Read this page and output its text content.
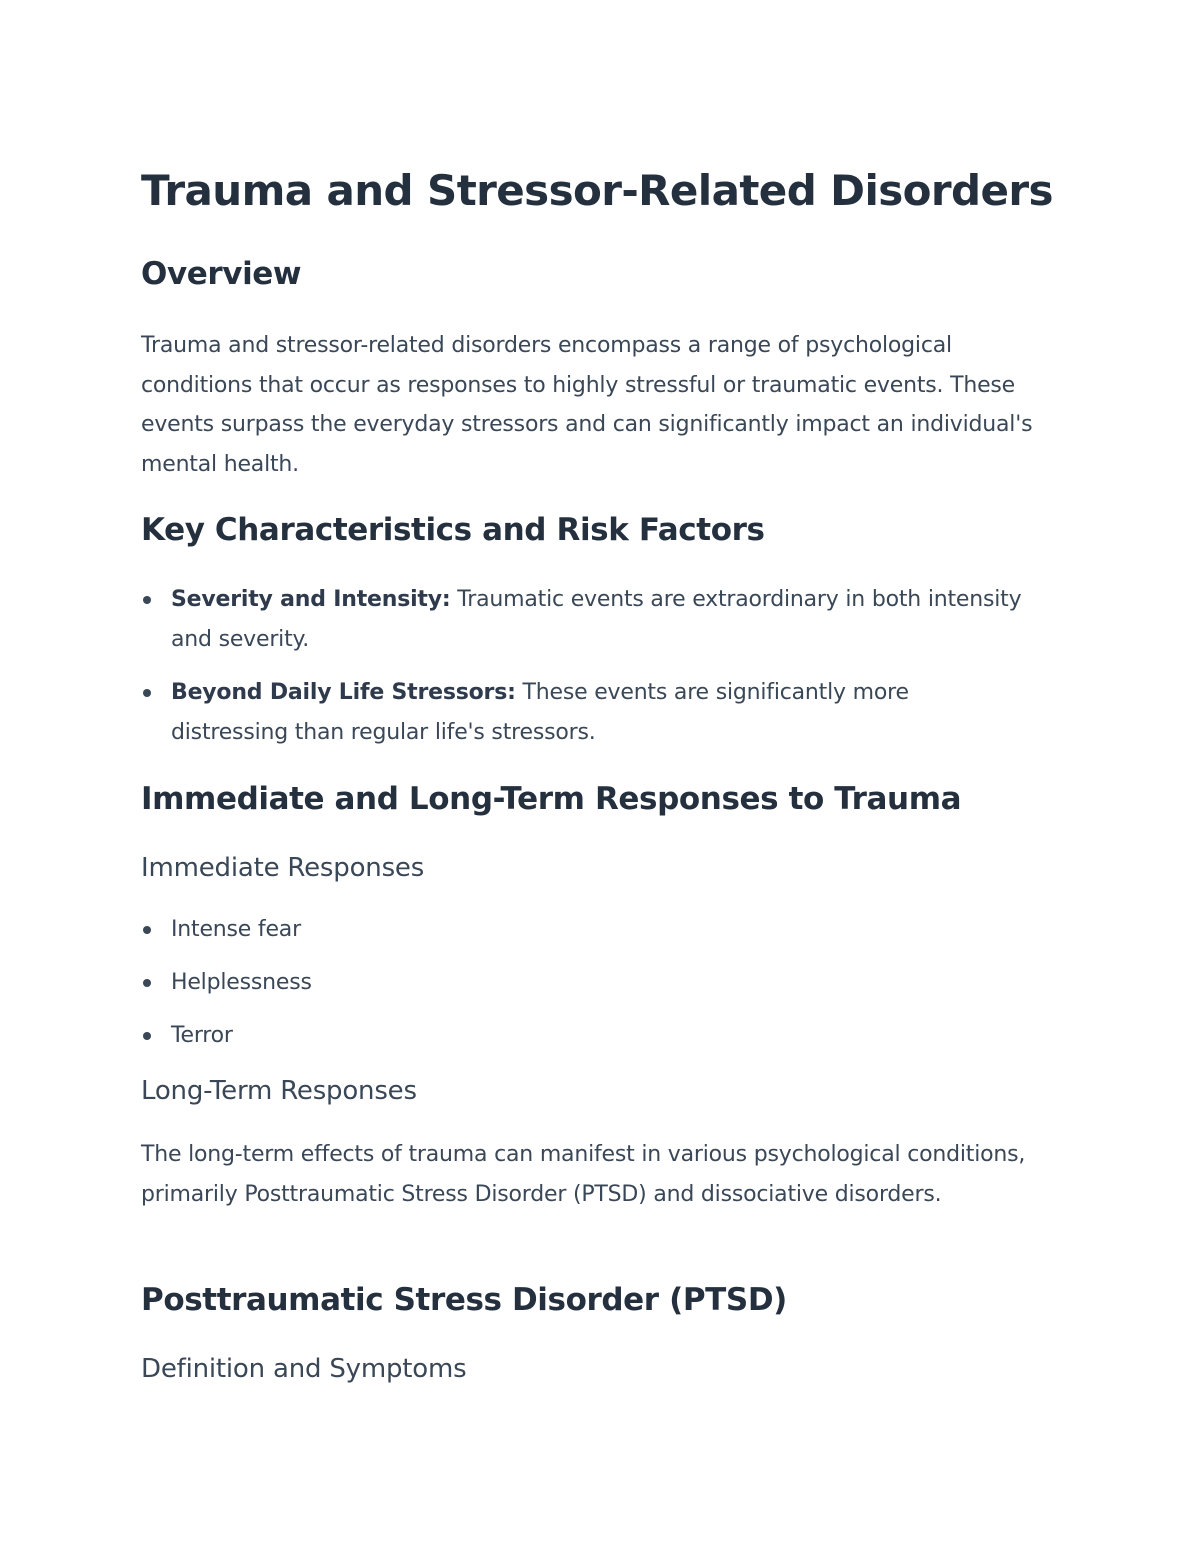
Trauma and Stressor-Related Disorders
Overview

Trauma and stressor-related disorders encompass a range of psychological conditions that occur as responses to highly stressful or traumatic events. These events surpass the everyday stressors and can significantly impact an individual's mental health.

Key Characteristics and Risk Factors
Severity and Intensity: Traumatic events are extraordinary in both intensity and severity.
Beyond Daily Life Stressors: These events are significantly more distressing than regular life's stressors.
Immediate and Long-Term Responses to Trauma
Immediate Responses
Intense fear
Helplessness
Terror
Long-Term Responses

The long-term effects of trauma can manifest in various psychological conditions, primarily Posttraumatic Stress Disorder (PTSD) and dissociative disorders.

Posttraumatic Stress Disorder (PTSD)
Definition and Symptoms
